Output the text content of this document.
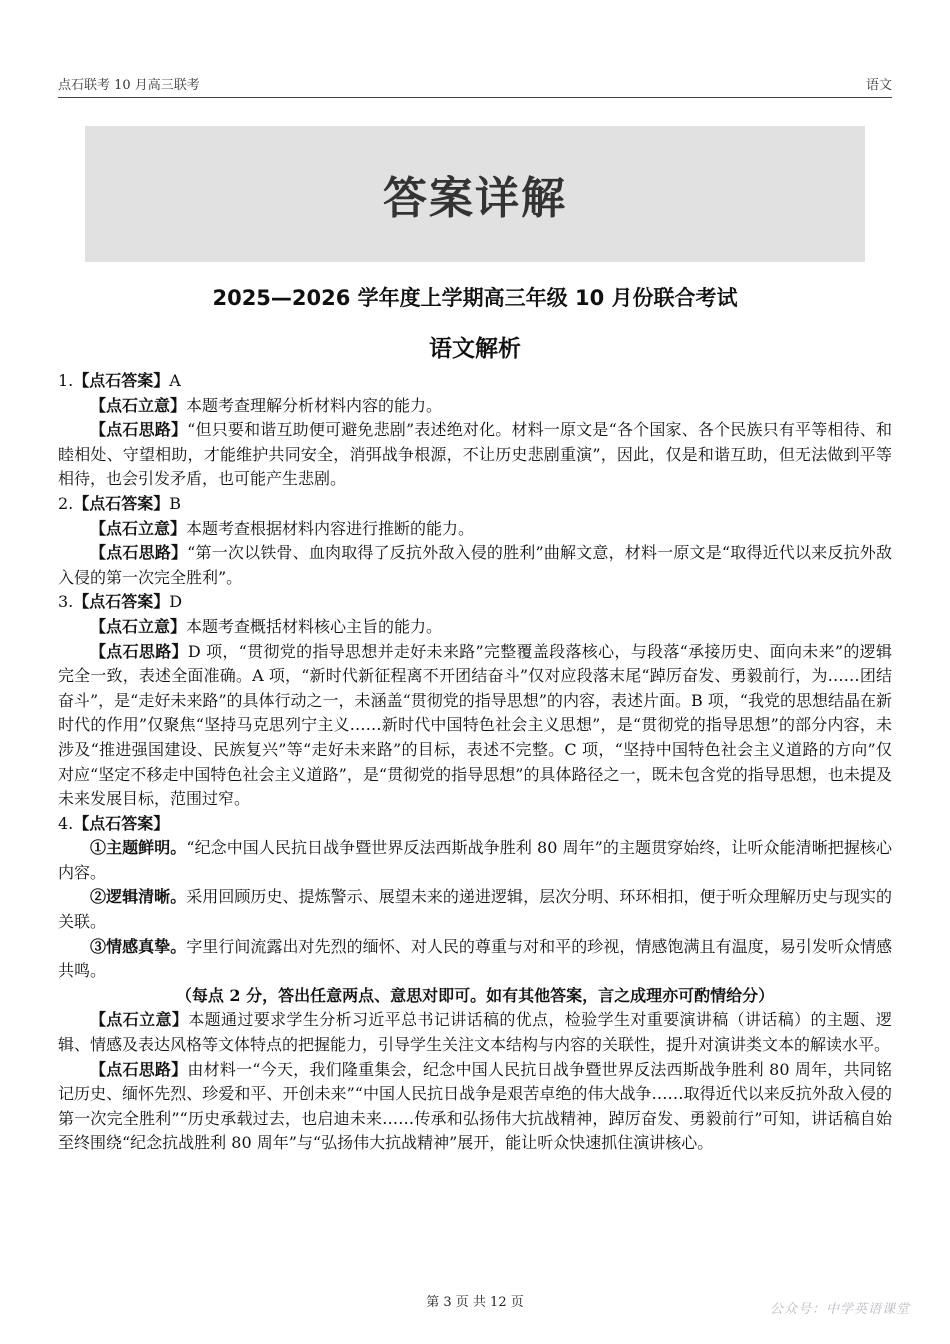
点石联考 10 月高三联考	语文
答案详解
2025—2026 学年度上学期高三年级 10 月份联合考试
语文解析

1.【点石答案】A

【点石立意】本题考查理解分析材料内容的能力。

【点石思路】“但只要和谐互助便可避免悲剧”表述绝对化。材料一原文是“各个国家、各个民族只有平等相待、和睦相处、守望相助，才能维护共同安全，消弭战争根源，不让历史悲剧重演”，因此，仅是和谐互助，但无法做到平等相待，也会引发矛盾，也可能产生悲剧。

2.【点石答案】B

【点石立意】本题考查根据材料内容进行推断的能力。

【点石思路】“第一次以铁骨、血肉取得了反抗外敌入侵的胜利”曲解文意，材料一原文是“取得近代以来反抗外敌入侵的第一次完全胜利”。

3.【点石答案】D

【点石立意】本题考查概括材料核心主旨的能力。

【点石思路】D 项，“贯彻党的指导思想并走好未来路”完整覆盖段落核心，与段落“承接历史、面向未来”的逻辑完全一致，表述全面准确。A 项，“新时代新征程离不开团结奋斗”仅对应段落末尾“踔厉奋发、勇毅前行，为……团结奋斗”，是“走好未来路”的具体行动之一，未涵盖“贯彻党的指导思想”的内容，表述片面。B 项，“我党的思想结晶在新时代的作用”仅聚焦“坚持马克思列宁主义……新时代中国特色社会主义思想”，是“贯彻党的指导思想”的部分内容，未涉及“推进强国建设、民族复兴”等“走好未来路”的目标，表述不完整。C 项，“坚持中国特色社会主义道路的方向”仅对应“坚定不移走中国特色社会主义道路”，是“贯彻党的指导思想”的具体路径之一，既未包含党的指导思想，也未提及未来发展目标，范围过窄。

4.【点石答案】

①主题鲜明。“纪念中国人民抗日战争暨世界反法西斯战争胜利 80 周年”的主题贯穿始终，让听众能清晰把握核心内容。

②逻辑清晰。采用回顾历史、提炼警示、展望未来的递进逻辑，层次分明、环环相扣，便于听众理解历史与现实的关联。

③情感真挚。字里行间流露出对先烈的缅怀、对人民的尊重与对和平的珍视，情感饱满且有温度，易引发听众情感共鸣。

（每点 2 分，答出任意两点、意思对即可。如有其他答案，言之成理亦可酌情给分）

【点石立意】本题通过要求学生分析习近平总书记讲话稿的优点，检验学生对重要演讲稿（讲话稿）的主题、逻辑、情感及表达风格等文体特点的把握能力，引导学生关注文本结构与内容的关联性，提升对演讲类文本的解读水平。

【点石思路】由材料一“今天，我们隆重集会，纪念中国人民抗日战争暨世界反法西斯战争胜利 80 周年，共同铭记历史、缅怀先烈、珍爱和平、开创未来”“中国人民抗日战争是艰苦卓绝的伟大战争……取得近代以来反抗外敌入侵的第一次完全胜利”“历史承载过去，也启迪未来……传承和弘扬伟大抗战精神，踔厉奋发、勇毅前行”可知，讲话稿自始至终围绕“纪念抗战胜利 80 周年”与“弘扬伟大抗战精神”展开，能让听众快速抓住演讲核心。

第 3 页 共 12 页	公众号：中学英语课堂
